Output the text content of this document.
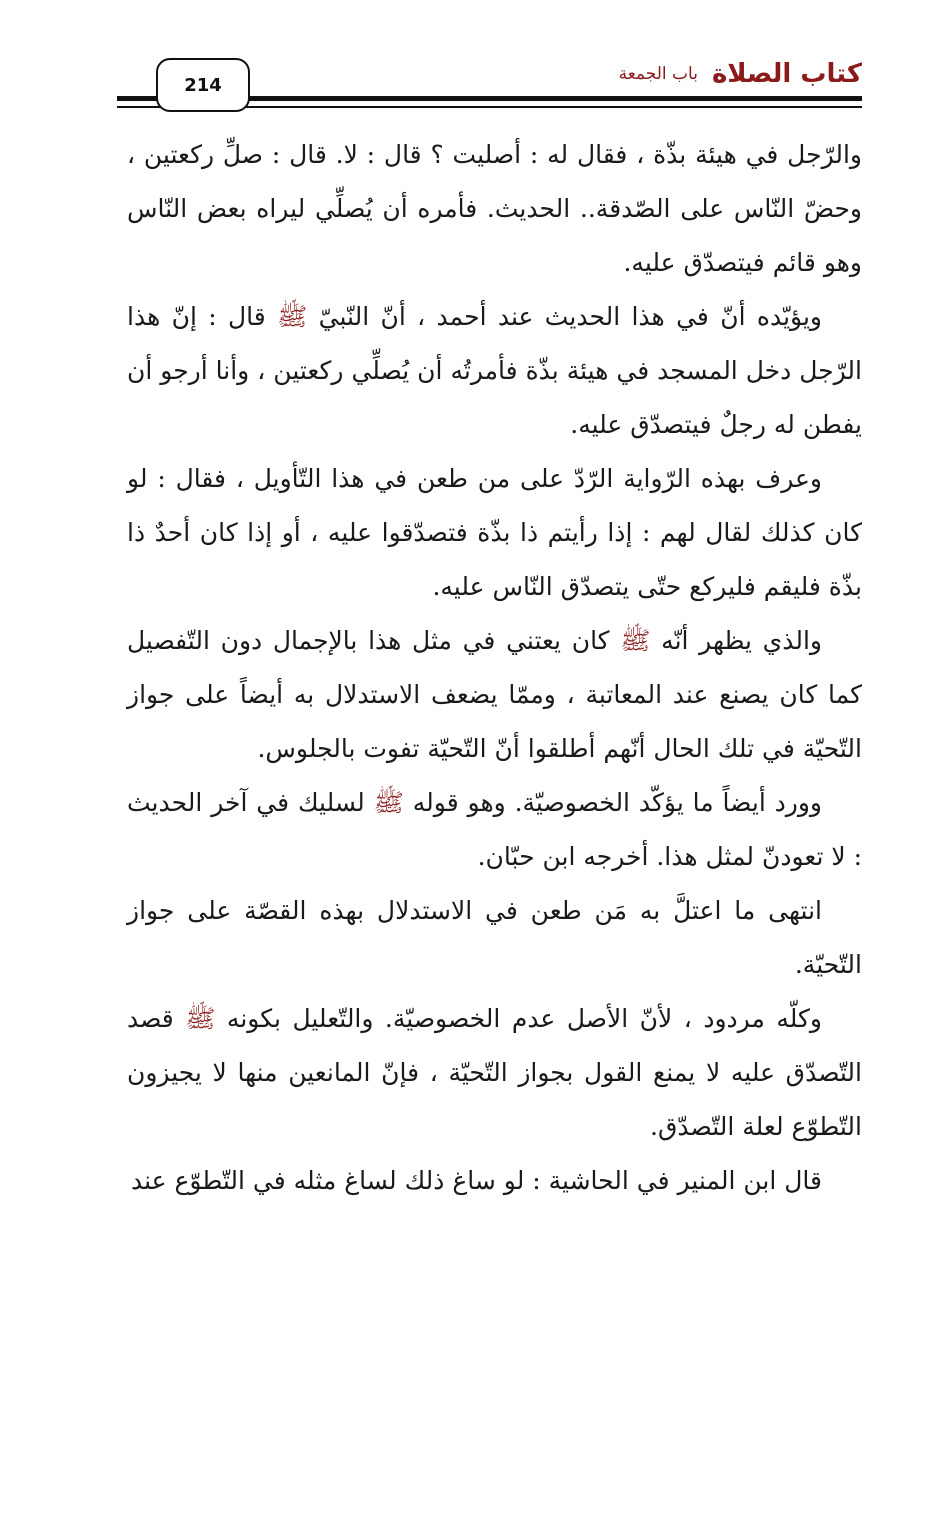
214	كتاب الصلاة
باب الجمعة

والرّجل في هيئة بذّة ، فقال له : أصليت ؟ قال : لا. قال : صلِّ ركعتين ، وحضّ النّاس على الصّدقة.. الحديث. فأمره أن يُصلِّي ليراه بعض النّاس وهو قائم فيتصدّق عليه.

ويؤيّده أنّ في هذا الحديث عند أحمد ، أنّ النّبيّ ﷺ قال : إنّ هذا الرّجل دخل المسجد في هيئة بذّة فأمرتُه أن يُصلِّي ركعتين ، وأنا أرجو أن يفطن له رجلٌ فيتصدّق عليه.

وعرف بهذه الرّواية الرّدّ على من طعن في هذا التّأويل ، فقال : لو كان كذلك لقال لهم : إذا رأيتم ذا بذّة فتصدّقوا عليه ، أو إذا كان أحدٌ ذا بذّة فليقم فليركع حتّى يتصدّق النّاس عليه.

والذي يظهر أنّه ﷺ كان يعتني في مثل هذا بالإجمال دون التّفصيل كما كان يصنع عند المعاتبة ، وممّا يضعف الاستدلال به أيضاً على جواز التّحيّة في تلك الحال أنّهم أطلقوا أنّ التّحيّة تفوت بالجلوس.

وورد أيضاً ما يؤكّد الخصوصيّة. وهو قوله ﷺ لسليك في آخر الحديث : لا تعودنّ لمثل هذا. أخرجه ابن حبّان.

انتهى ما اعتلَّ به مَن طعن في الاستدلال بهذه القصّة على جواز التّحيّة.

وكلّه مردود ، لأنّ الأصل عدم الخصوصيّة. والتّعليل بكونه ﷺ قصد التّصدّق عليه لا يمنع القول بجواز التّحيّة ، فإنّ المانعين منها لا يجيزون التّطوّع لعلة التّصدّق.

قال ابن المنير في الحاشية : لو ساغ ذلك لساغ مثله في التّطوّع عند
